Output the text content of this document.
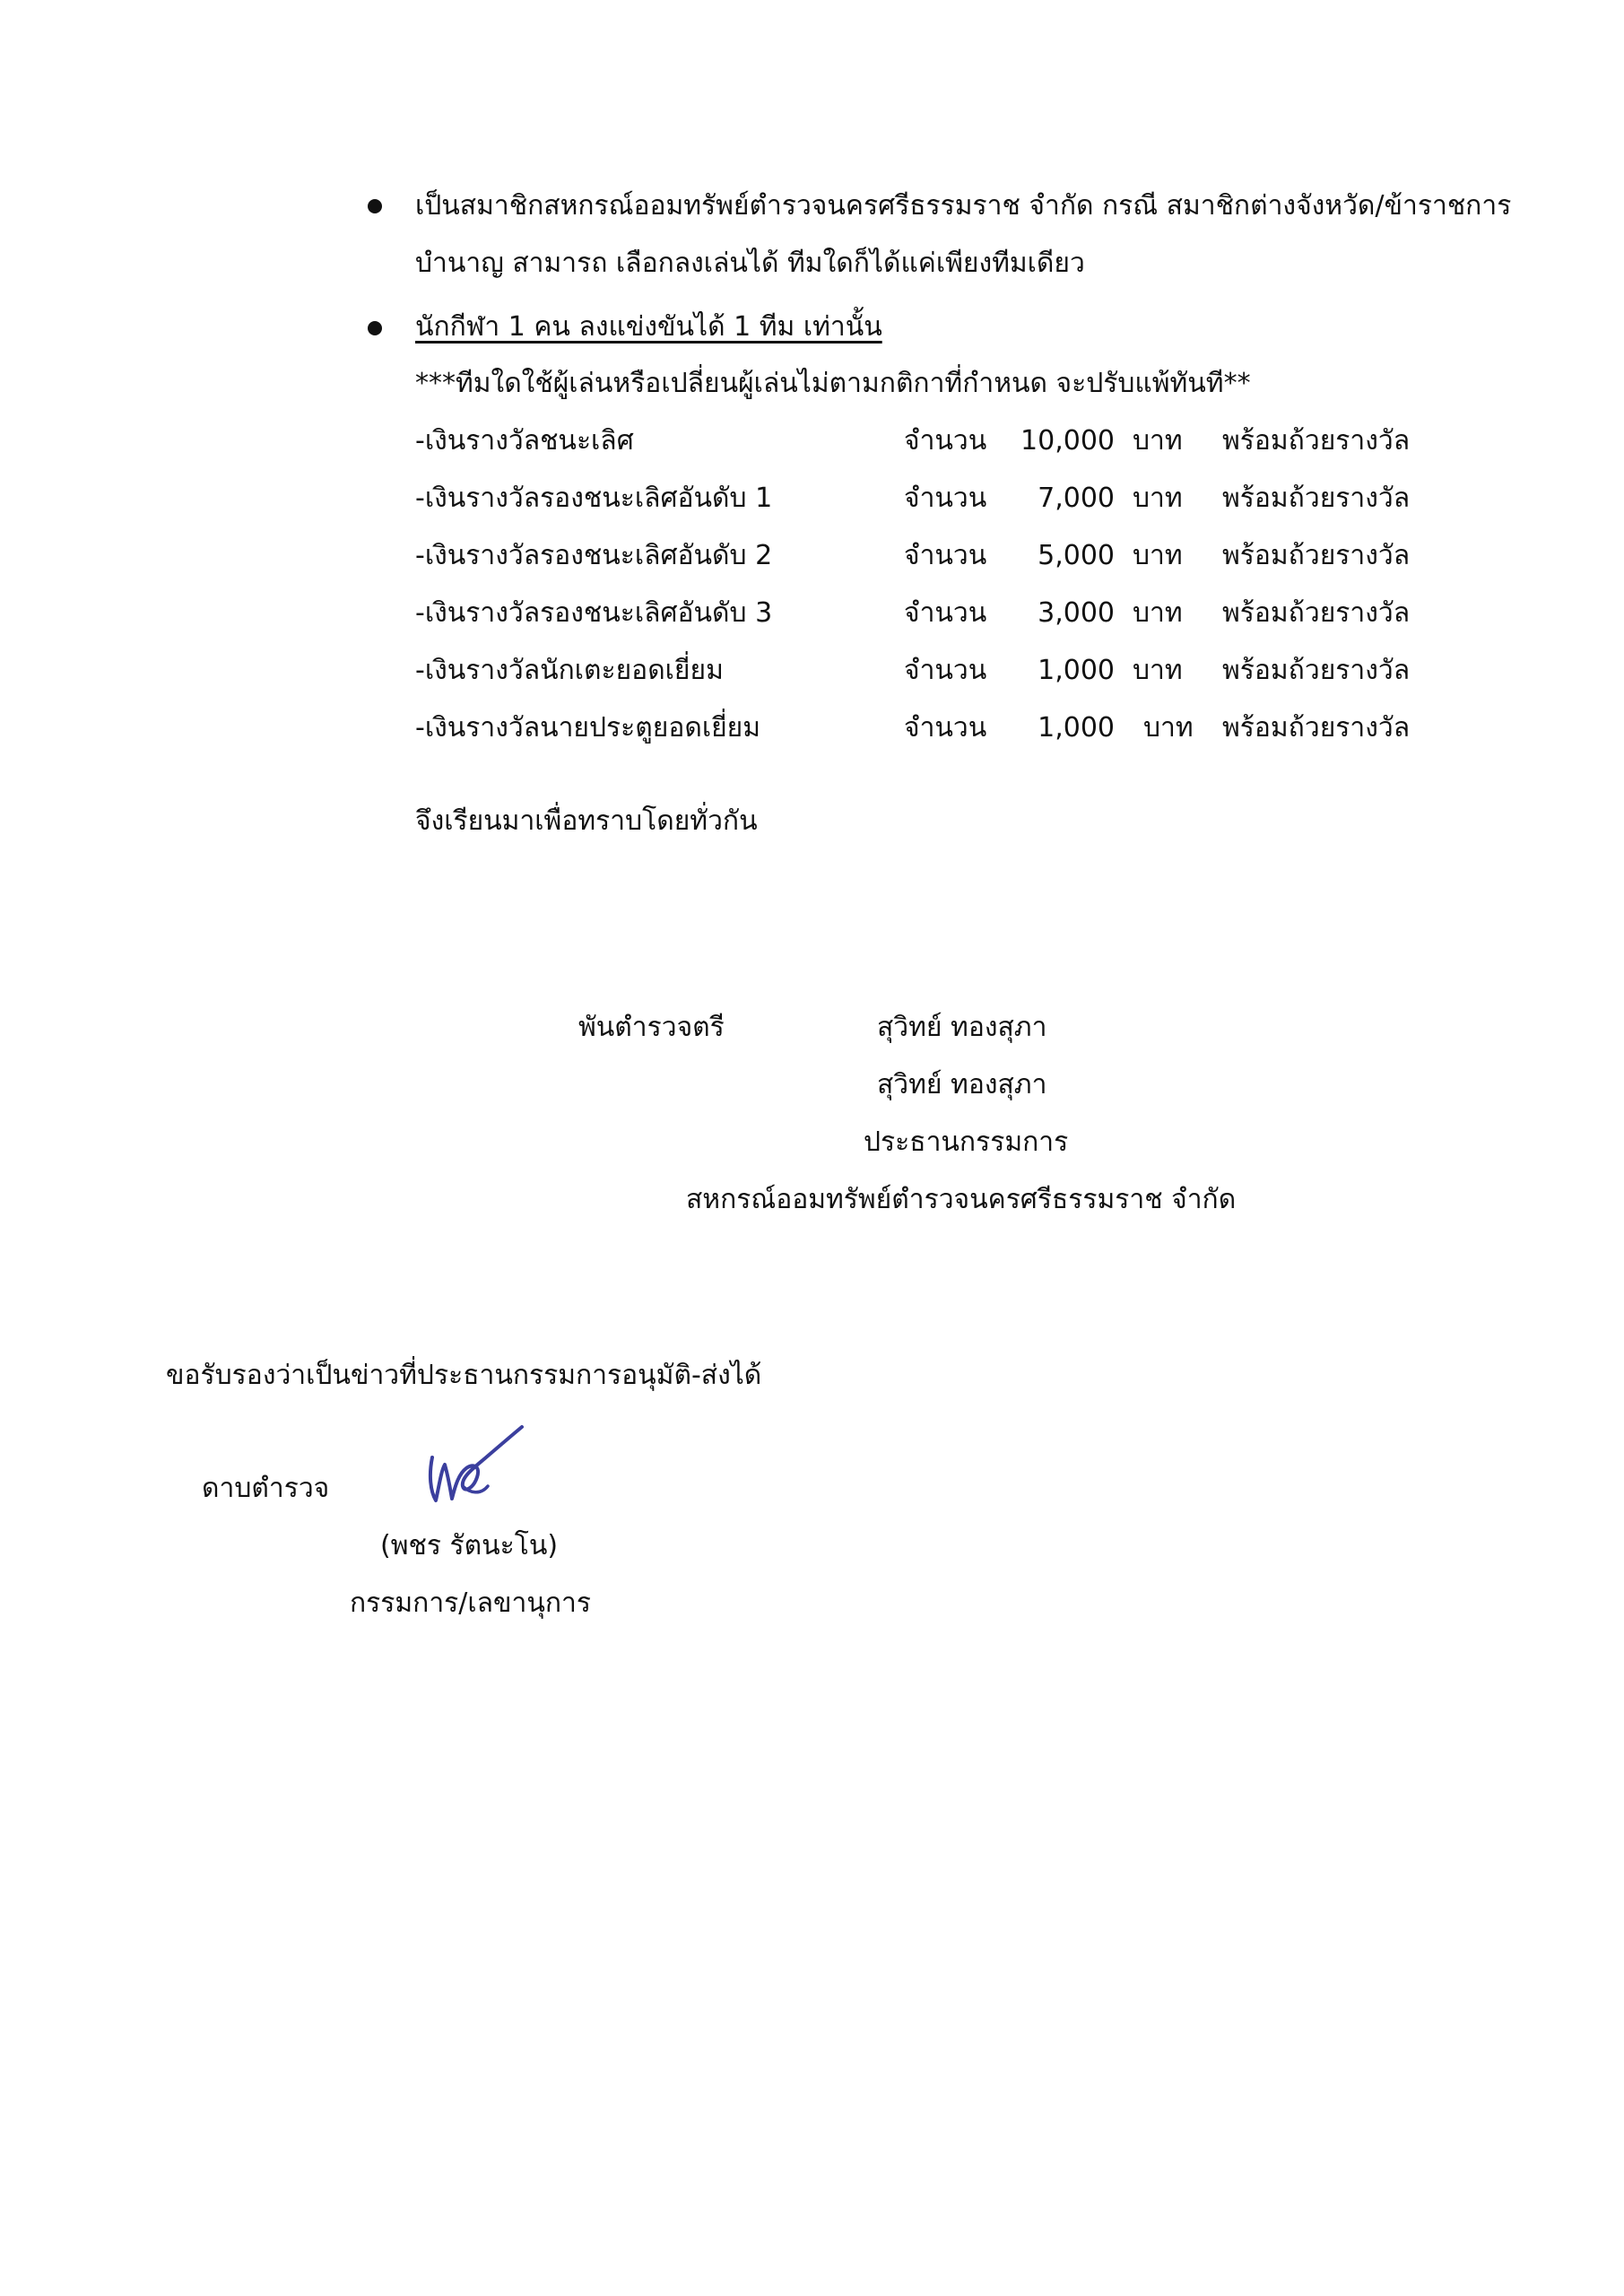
เป็นสมาชิกสหกรณ์ออมทรัพย์ตำรวจนครศรีธรรมราช จำกัด กรณี สมาชิกต่างจังหวัด/ข้าราชการ
บำนาญ สามารถ เลือกลงเล่นได้ ทีมใดก็ได้แค่เพียงทีมเดียว
นักกีฬา 1 คน ลงแข่งขันได้ 1 ทีม เท่านั้น
***ทีมใดใช้ผู้เล่นหรือเปลี่ยนผู้เล่นไม่ตามกติกาที่กำหนด จะปรับแพ้ทันที**
-เงินรางวัลชนะเลิศ	จำนวน	10,000 บาท พร้อมถ้วยรางวัล
-เงินรางวัลรองชนะเลิศอันดับ 1	จำนวน	7,000 บาท พร้อมถ้วยรางวัล
-เงินรางวัลรองชนะเลิศอันดับ 2	จำนวน	5,000 บาท พร้อมถ้วยรางวัล
-เงินรางวัลรองชนะเลิศอันดับ 3	จำนวน	3,000 บาท พร้อมถ้วยรางวัล
-เงินรางวัลนักเตะยอดเยี่ยม	จำนวน	1,000 บาท พร้อมถ้วยรางวัล
-เงินรางวัลนายประตูยอดเยี่ยม	จำนวน	1,000 บาท พร้อมถ้วยรางวัล
จึงเรียนมาเพื่อทราบโดยทั่วกัน
พันตำรวจตรี	สุวิทย์ ทองสุภา
สุวิทย์ ทองสุภา
ประธานกรรมการ
สหกรณ์ออมทรัพย์ตำรวจนครศรีธรรมราช จำกัด
ขอรับรองว่าเป็นข่าวที่ประธานกรรมการอนุมัติ-ส่งได้
ดาบตำรวจ
(พชร รัตนะโน)
กรรมการ/เลขานุการ
